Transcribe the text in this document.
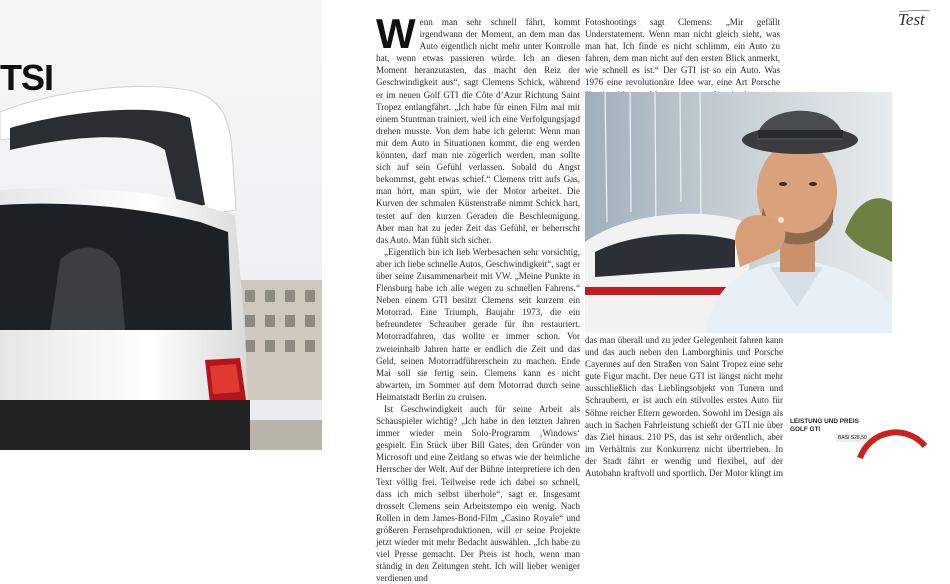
TSI

Wenn man sehr schnell fährt, kommt irgendwann der Moment, an dem man das Auto eigentlich nicht mehr unter Kontrolle hat, wenn etwas passieren würde. Ich an diesen Moment heranzutasten, das macht den Reiz der Geschwindigkeit aus“, sagt Clemens Schick, während er im neuen Golf GTI die Côte d’Azur Richtung Saint Tropez entlangfährt. „Ich habe für einen Film mal mit einem Stuntman trainiert, weil ich eine Verfolgungsjagd drehen musste. Von dem habe ich gelernt: Wenn man mit dem Auto in Situationen kommt, die eng werden könnten, darf man nie zögerlich werden, man sollte sich auf sein Gefühl verlassen. Sobald du Angst bekommst, geht etwas schief.“ Clemens tritt aufs Gas, man hört, man spürt, wie der Motor arbeitet. Die Kurven der schmalen Küstenstraße nimmt Schick hart, testet auf den kurzen Geraden die Beschleunigung. Aber man hat zu jeder Zeit das Gefühl, er beherrscht das Auto. Man fühlt sich sicher.

„Eigentlich bin ich lieb Werbesachen sehr vorsichtig, aber ich liebe schnelle Autos, Geschwindigkeit“, sagt er über seine Zusammenarbeit mit VW. „Meine Punkte in Flensburg habe ich alle wegen zu schnellen Fahrens.“ Neben einem GTI besitzt Clemens seit kurzem ein Motorrad. Eine Triumph, Baujahr 1973, die ein befreundeter Schrauber gerade für ihn restauriert. Motorradfahren, das wollte er immer schon. Vor zweieinhalb Jahren hatte er endlich die Zeit und das Geld, seinen Motorradführerschein zu machen. Ende Mai soll sie fertig sein. Clemens kann es nicht abwarten, im Sommer auf dem Motorrad durch seine Heimatstadt Berlin zu cruisen.

Ist Geschwindigkeit auch für seine Arbeit als Schauspieler wichtig? „Ich habe in den letzten Jahren immer wieder mein Solo-Programm ‚Windows‘ gespielt. Ein Stück über Bill Gates, den Gründer von Microsoft und eine Zeitlang so etwas wie der heimliche Herrscher der Welt. Auf der Bühne interpretiere ich den Text völlig frei. Teilweise rede ich dabei so schnell, dass ich mich selbst überhole“, sagt er. Insgesamt drosselt Clemens sein Arbeitstempo ein wenig. Nach Rollen in dem James-Bond-Film „Casino Royale“ und größeren Fernsehproduktionen, will er seine Projekte jetzt wieder mit mehr Bedacht auswählen. „Ich habe zu viel Presse gemacht. Der Preis ist hoch, wenn man ständig in den Zeitungen steht. Ich will lieber weniger verdienen und

Fotoshootings sagt Clemens: „Mir gefällt Understatement. Wenn man nicht gleich sieht, was man hat. Ich finde es nicht schlimm, ein Auto zu fahren, dem man nicht auf den ersten Blick anmerkt, wie schnell es ist.“ Der GTI ist so ein Auto. Was 1976 eine revolutionäre Idee war, eine Art Porsche

das man überall und zu jeder Gelegenheit fahren kann und das auch neben den Lamborghinis und Porsche Cayennes auf den Straßen von Saint Tropez eine sehr gute Figur macht. Der neue GTI ist längst nicht mehr ausschließlich das Lieblingsobjekt von Tunern und Schraubern, er ist auch ein stilvolles erstes Auto für Söhne reicher Eltern geworden. Sowohl im Design als auch in Sachen Fahrleistung schießt der GTI nie über das Ziel hinaus. 210 PS, das ist sehr ordentlich, aber im Verhältnis zur Konkurrenz nicht übertrieben. In der Stadt fährt er wendig und flexibel, auf der Autobahn kraftvoll und sportlich. Der Motor klingt im

Test
LEISTUNG UND PREIS
GOLF GTI
BASI S28,50
